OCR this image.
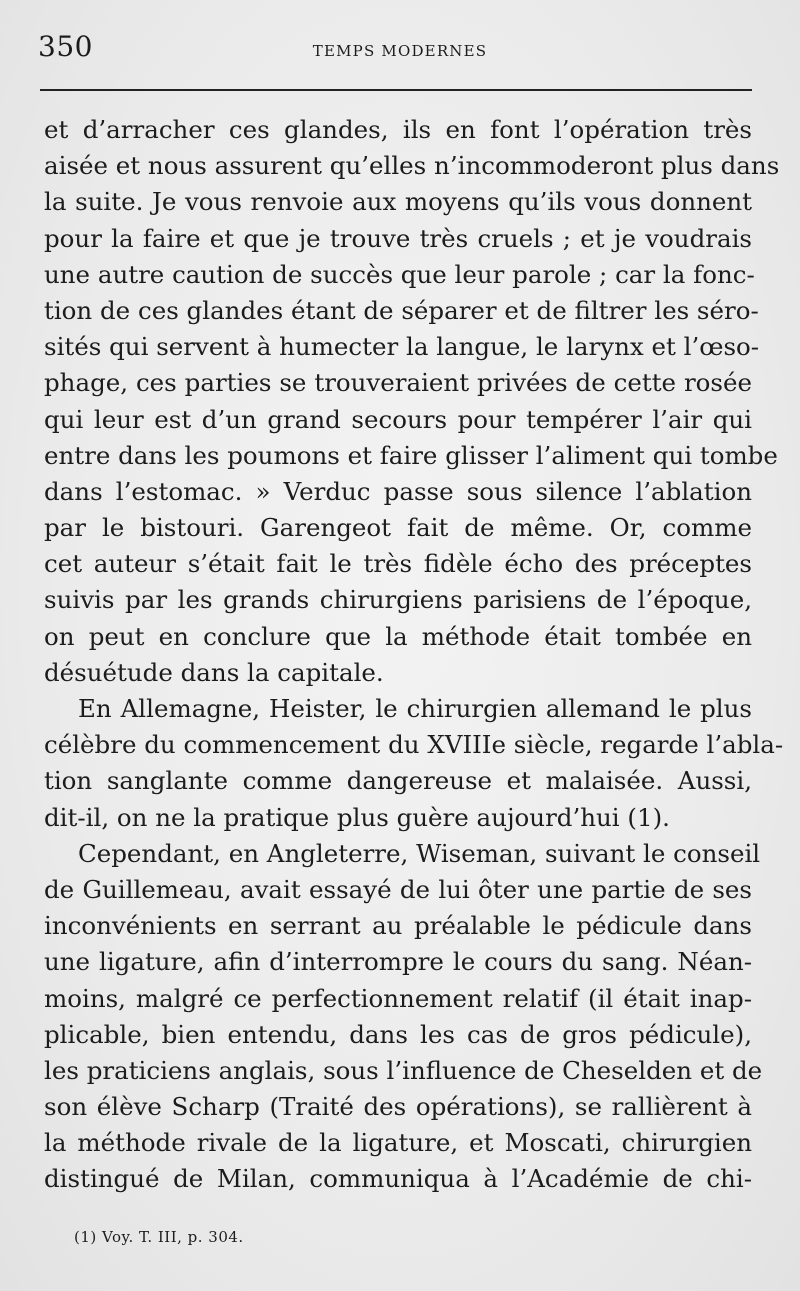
350	TEMPS MODERNES
et d’arracher ces glandes, ils en font l’opération très
aisée et nous assurent qu’elles n’incommoderont plus dans
la suite. Je vous renvoie aux moyens qu’ils vous donnent
pour la faire et que je trouve très cruels ; et je voudrais
une autre caution de succès que leur parole ; car la fonc-
tion de ces glandes étant de séparer et de filtrer les séro-
sités qui servent à humecter la langue, le larynx et l’œso-
phage, ces parties se trouveraient privées de cette rosée
qui leur est d’un grand secours pour tempérer l’air qui
entre dans les poumons et faire glisser l’aliment qui tombe
dans l’estomac. » Verduc passe sous silence l’ablation
par le bistouri. Garengeot fait de même. Or, comme
cet auteur s’était fait le très fidèle écho des préceptes
suivis par les grands chirurgiens parisiens de l’époque,
on peut en conclure que la méthode était tombée en
désuétude dans la capitale.
En Allemagne, Heister, le chirurgien allemand le plus
célèbre du commencement du XVIIIe siècle, regarde l’abla-
tion sanglante comme dangereuse et malaisée. Aussi,
dit-il, on ne la pratique plus guère aujourd’hui (1).
Cependant, en Angleterre, Wiseman, suivant le conseil
de Guillemeau, avait essayé de lui ôter une partie de ses
inconvénients en serrant au préalable le pédicule dans
une ligature, afin d’interrompre le cours du sang. Néan-
moins, malgré ce perfectionnement relatif (il était inap-
plicable, bien entendu, dans les cas de gros pédicule),
les praticiens anglais, sous l’influence de Cheselden et de
son élève Scharp (Traité des opérations), se rallièrent à
la méthode rivale de la ligature, et Moscati, chirurgien
distingué de Milan, communiqua à l’Académie de chi-
(1) Voy. T. III, p. 304.
